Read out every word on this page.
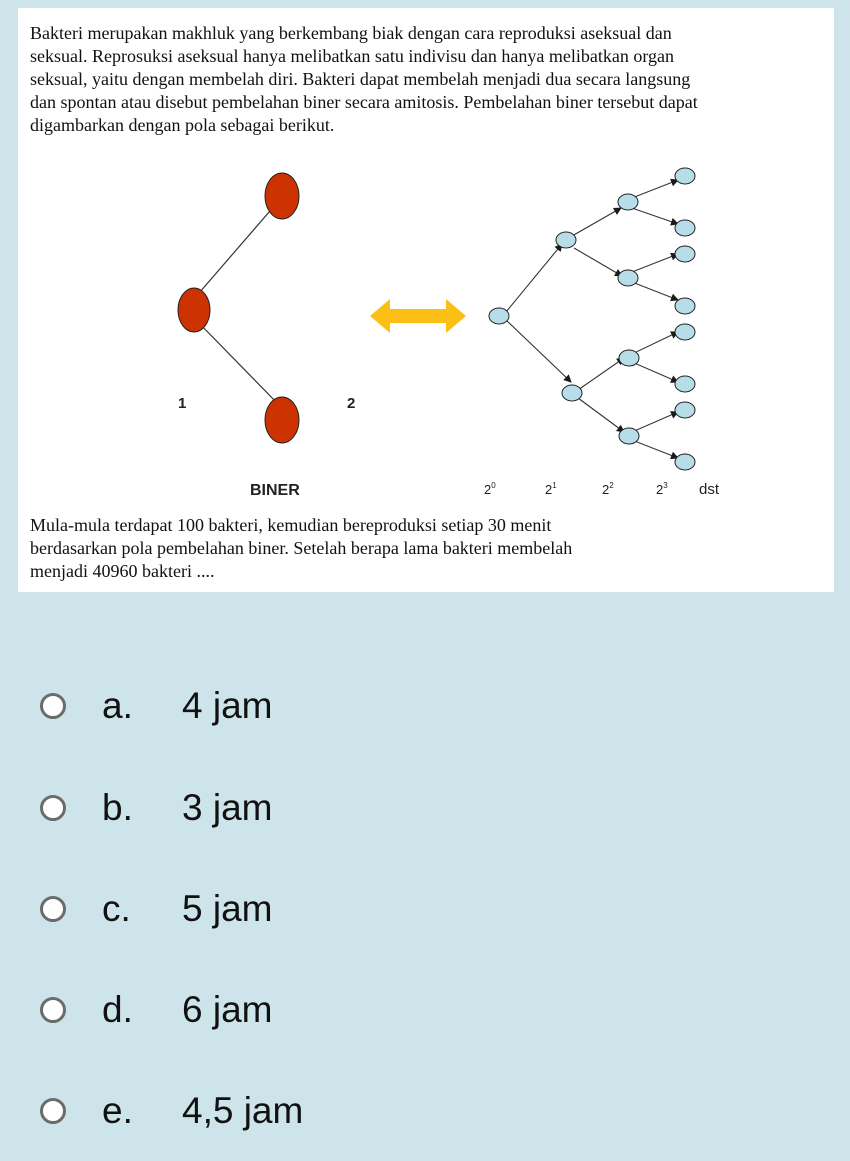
Bakteri merupakan makhluk yang berkembang biak dengan cara reproduksi aseksual dan
seksual. Reprosuksi aseksual hanya melibatkan satu indivisu dan hanya melibatkan organ
seksual, yaitu dengan membelah diri. Bakteri dapat membelah menjadi dua secara langsung
dan spontan atau disebut pembelahan biner secara amitosis. Pembelahan biner tersebut dapat
digambarkan dengan pola sebagai berikut.
1	2
BINER	$2^0$	$2^1$	$2^2$	$2^3$ dst
Mula-mula terdapat 100 bakteri, kemudian bereproduksi setiap 30 menit
berdasarkan pola pembelahan biner. Setelah berapa lama bakteri membelah
menjadi 40960 bakteri ....
a.	4 jam
b.	3 jam
c.	5 jam
d.	6 jam
e.	4,5 jam
